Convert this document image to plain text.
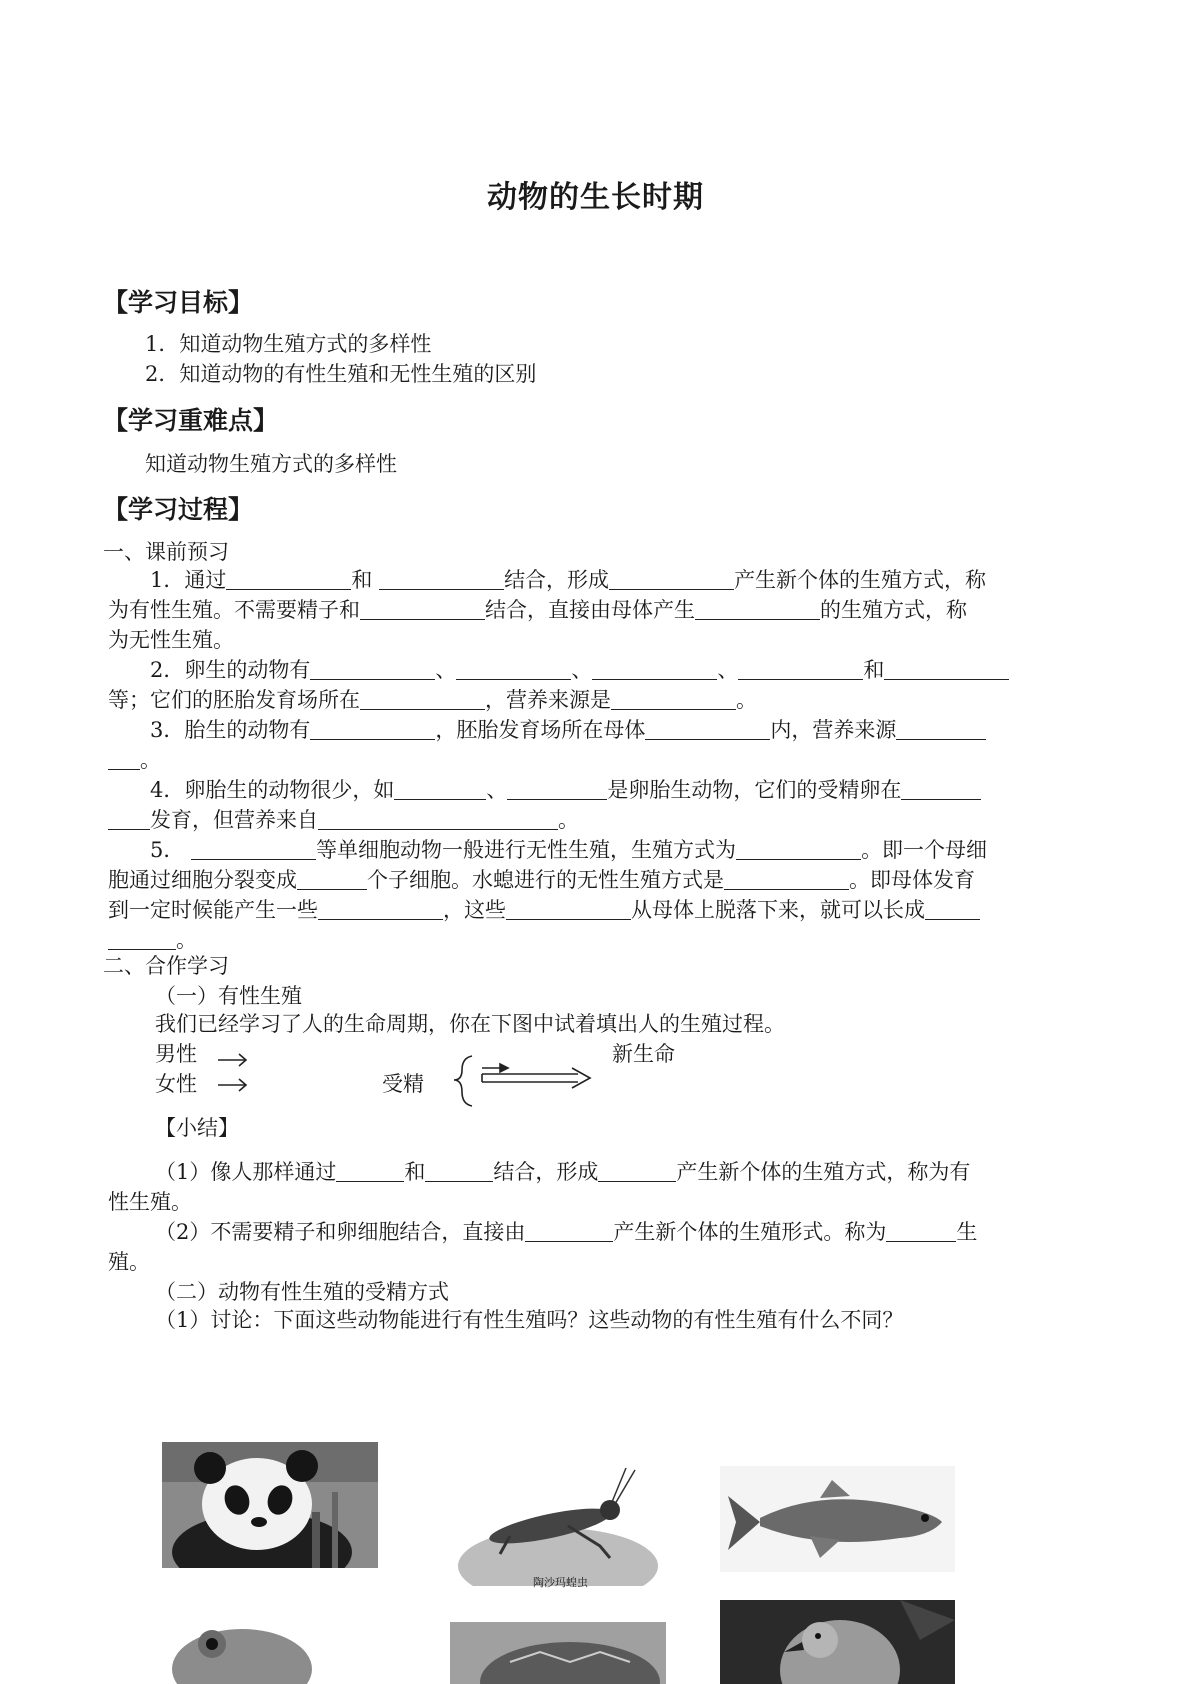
动物的生长时期
【学习目标】
1．知道动物生殖方式的多样性
2．知道动物的有性生殖和无性生殖的区别
【学习重难点】
知道动物生殖方式的多样性
【学习过程】
一、课前预习
1．通过	和	结合，形成	产生新个体的生殖方式，称
为有性生殖。不需要精子和	结合，直接由母体产生	的生殖方式，称
为无性生殖。
2．卵生的动物有	、	、	、	和
等；它们的胚胎发育场所在	，营养来源是	。
3．胎生的动物有	，胚胎发育场所在母体	内，营养来源
。
4．卵胎生的动物很少，如	、	是卵胎生动物，它们的受精卵在
发育，但营养来自	。
5．	等单细胞动物一般进行无性生殖，生殖方式为	。即一个母细
胞通过细胞分裂变成	个子细胞。水螅进行的无性生殖方式是	。即母体发育
到一定时候能产生一些	，这些	从母体上脱落下来，就可以长成
。
二、合作学习
（一）有性生殖
我们已经学习了人的生命周期，你在下图中试着填出人的生殖过程。
男性
女性
新生命
受精
【小结】
（1）像人那样通过	和	结合，形成	产生新个体的生殖方式，称为有
性生殖。
（2）不需要精子和卵细胞结合，直接由	产生新个体的生殖形式。称为	生
殖。
（二）动物有性生殖的受精方式
（1）讨论：下面这些动物能进行有性生殖吗？这些动物的有性生殖有什么不同？
陶沙玛蝗虫
